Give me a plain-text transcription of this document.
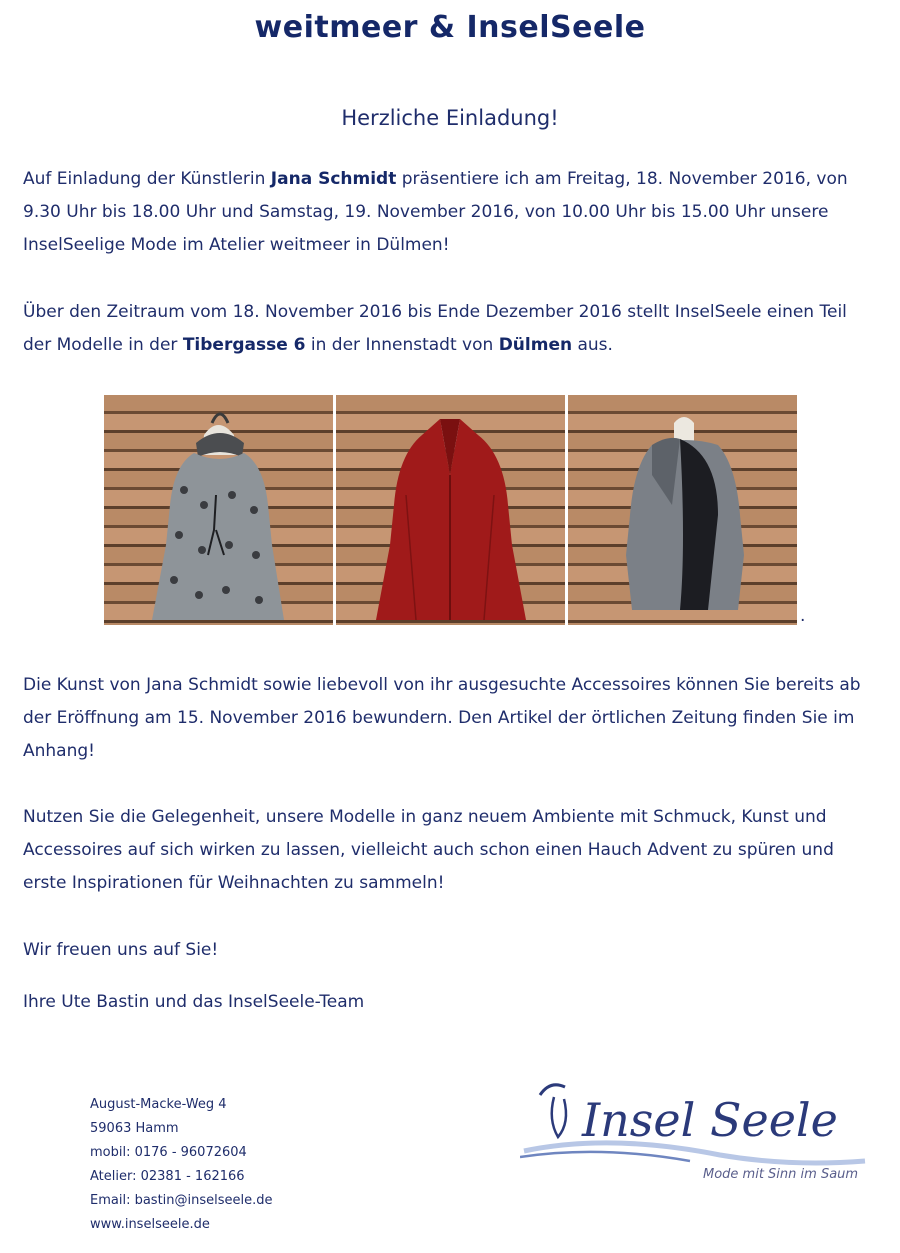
weitmeer & InselSeele
Herzliche Einladung!

Auf Einladung der Künstlerin Jana Schmidt präsentiere ich am Freitag, 18. November 2016, von 9.30 Uhr bis 18.00 Uhr und Samstag, 19. November 2016, von 10.00 Uhr bis 15.00 Uhr unsere InselSeelige Mode im Atelier weitmeer in Dülmen!

Über den Zeitraum vom 18. November 2016 bis Ende Dezember 2016 stellt InselSeele einen Teil der Modelle in der Tibergasse 6 in der Innenstadt von Dülmen aus.

.

Die Kunst von Jana Schmidt sowie liebevoll von ihr ausgesuchte Accessoires können Sie bereits ab der Eröffnung am 15. November 2016 bewundern. Den Artikel der örtlichen Zeitung finden Sie im Anhang!

Nutzen Sie die Gelegenheit, unsere Modelle in ganz neuem Ambiente mit Schmuck, Kunst und Accessoires auf sich wirken zu lassen, vielleicht auch schon einen Hauch Advent zu spüren und erste Inspirationen für Weihnachten zu sammeln!

Wir freuen uns auf Sie!

Ihre Ute Bastin und das InselSeele-Team

August-Macke-Weg 4
59063 Hamm
mobil: 0176 - 96072604
Atelier: 02381 - 162166
Email: bastin@inselseele.de
www.inselseele.de
Insel Seele
Mode mit Sinn im Saum
